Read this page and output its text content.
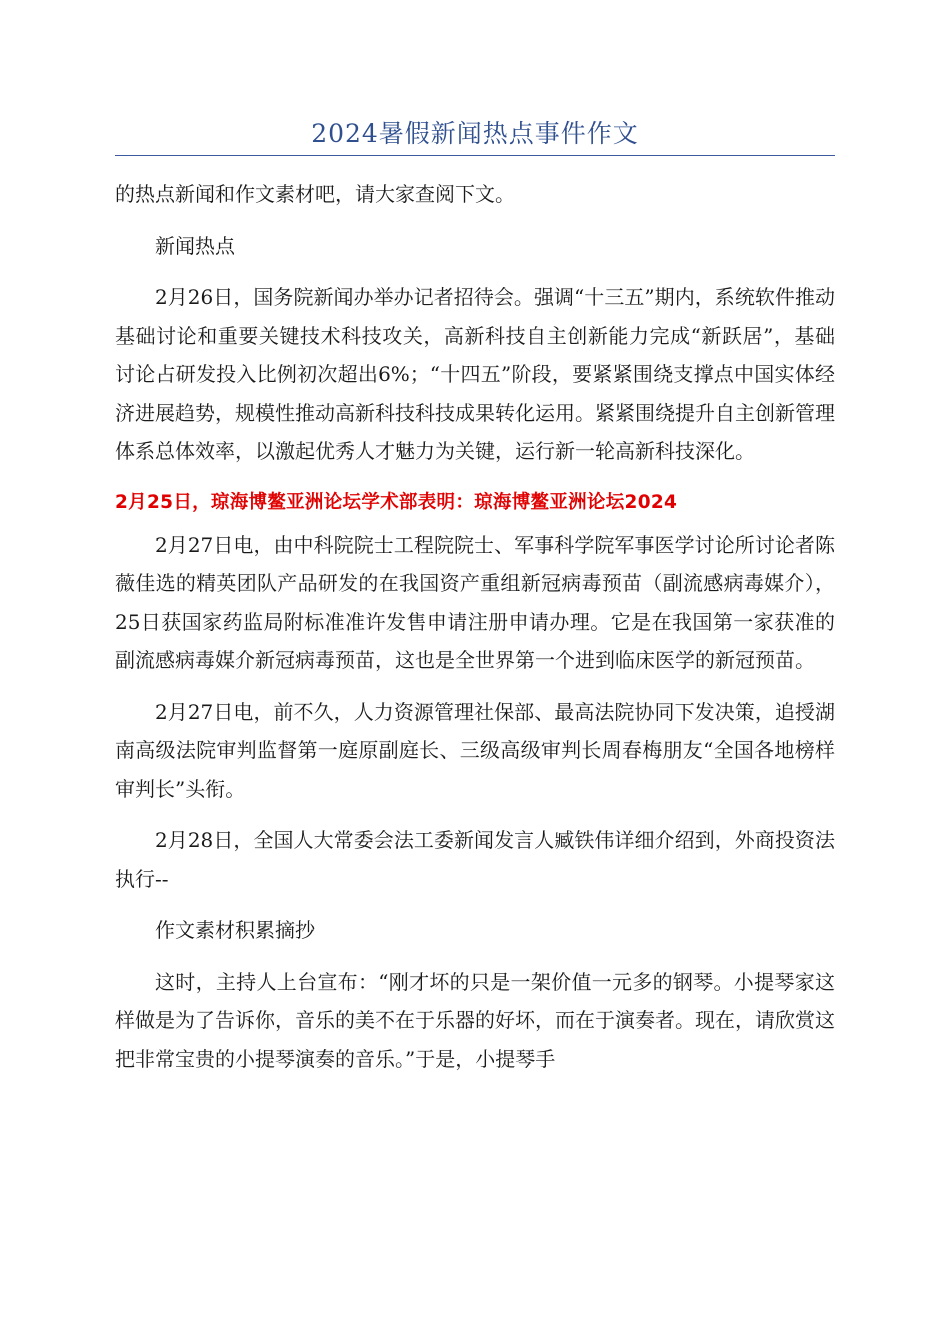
2024暑假新闻热点事件作文

的热点新闻和作文素材吧，请大家查阅下文。

新闻热点

2月26日，国务院新闻办举办记者招待会。强调“十三五”期内，系统软件推动基础讨论和重要关键技术科技攻关，高新科技自主创新能力完成“新跃居”，基础讨论占研发投入比例初次超出6%；“十四五”阶段，要紧紧围绕支撑点中国实体经济进展趋势，规模性推动高新科技科技成果转化运用。紧紧围绕提升自主创新管理体系总体效率，以激起优秀人才魅力为关键，运行新一轮高新科技深化。

2月25日，琼海博鳌亚洲论坛学术部表明：琼海博鳌亚洲论坛2024

2月27日电，由中科院院士工程院院士、军事科学院军事医学讨论所讨论者陈薇佳选的精英团队产品研发的在我国资产重组新冠病毒预苗（副流感病毒媒介），25日获国家药监局附标准准许发售申请注册申请办理。它是在我国第一家获准的副流感病毒媒介新冠病毒预苗，这也是全世界第一个进到临床医学的新冠预苗。

2月27日电，前不久，人力资源管理社保部、最高法院协同下发决策，追授湖南高级法院审判监督第一庭原副庭长、三级高级审判长周春梅朋友“全国各地榜样审判长”头衔。

2月28日，全国人大常委会法工委新闻发言人臧铁伟详细介绍到，外商投资法执行--

作文素材积累摘抄

这时，主持人上台宣布：“刚才坏的只是一架价值一元多的钢琴。小提琴家这样做是为了告诉你，音乐的美不在于乐器的好坏，而在于演奏者。现在，请欣赏这把非常宝贵的小提琴演奏的音乐。”于是，小提琴手
